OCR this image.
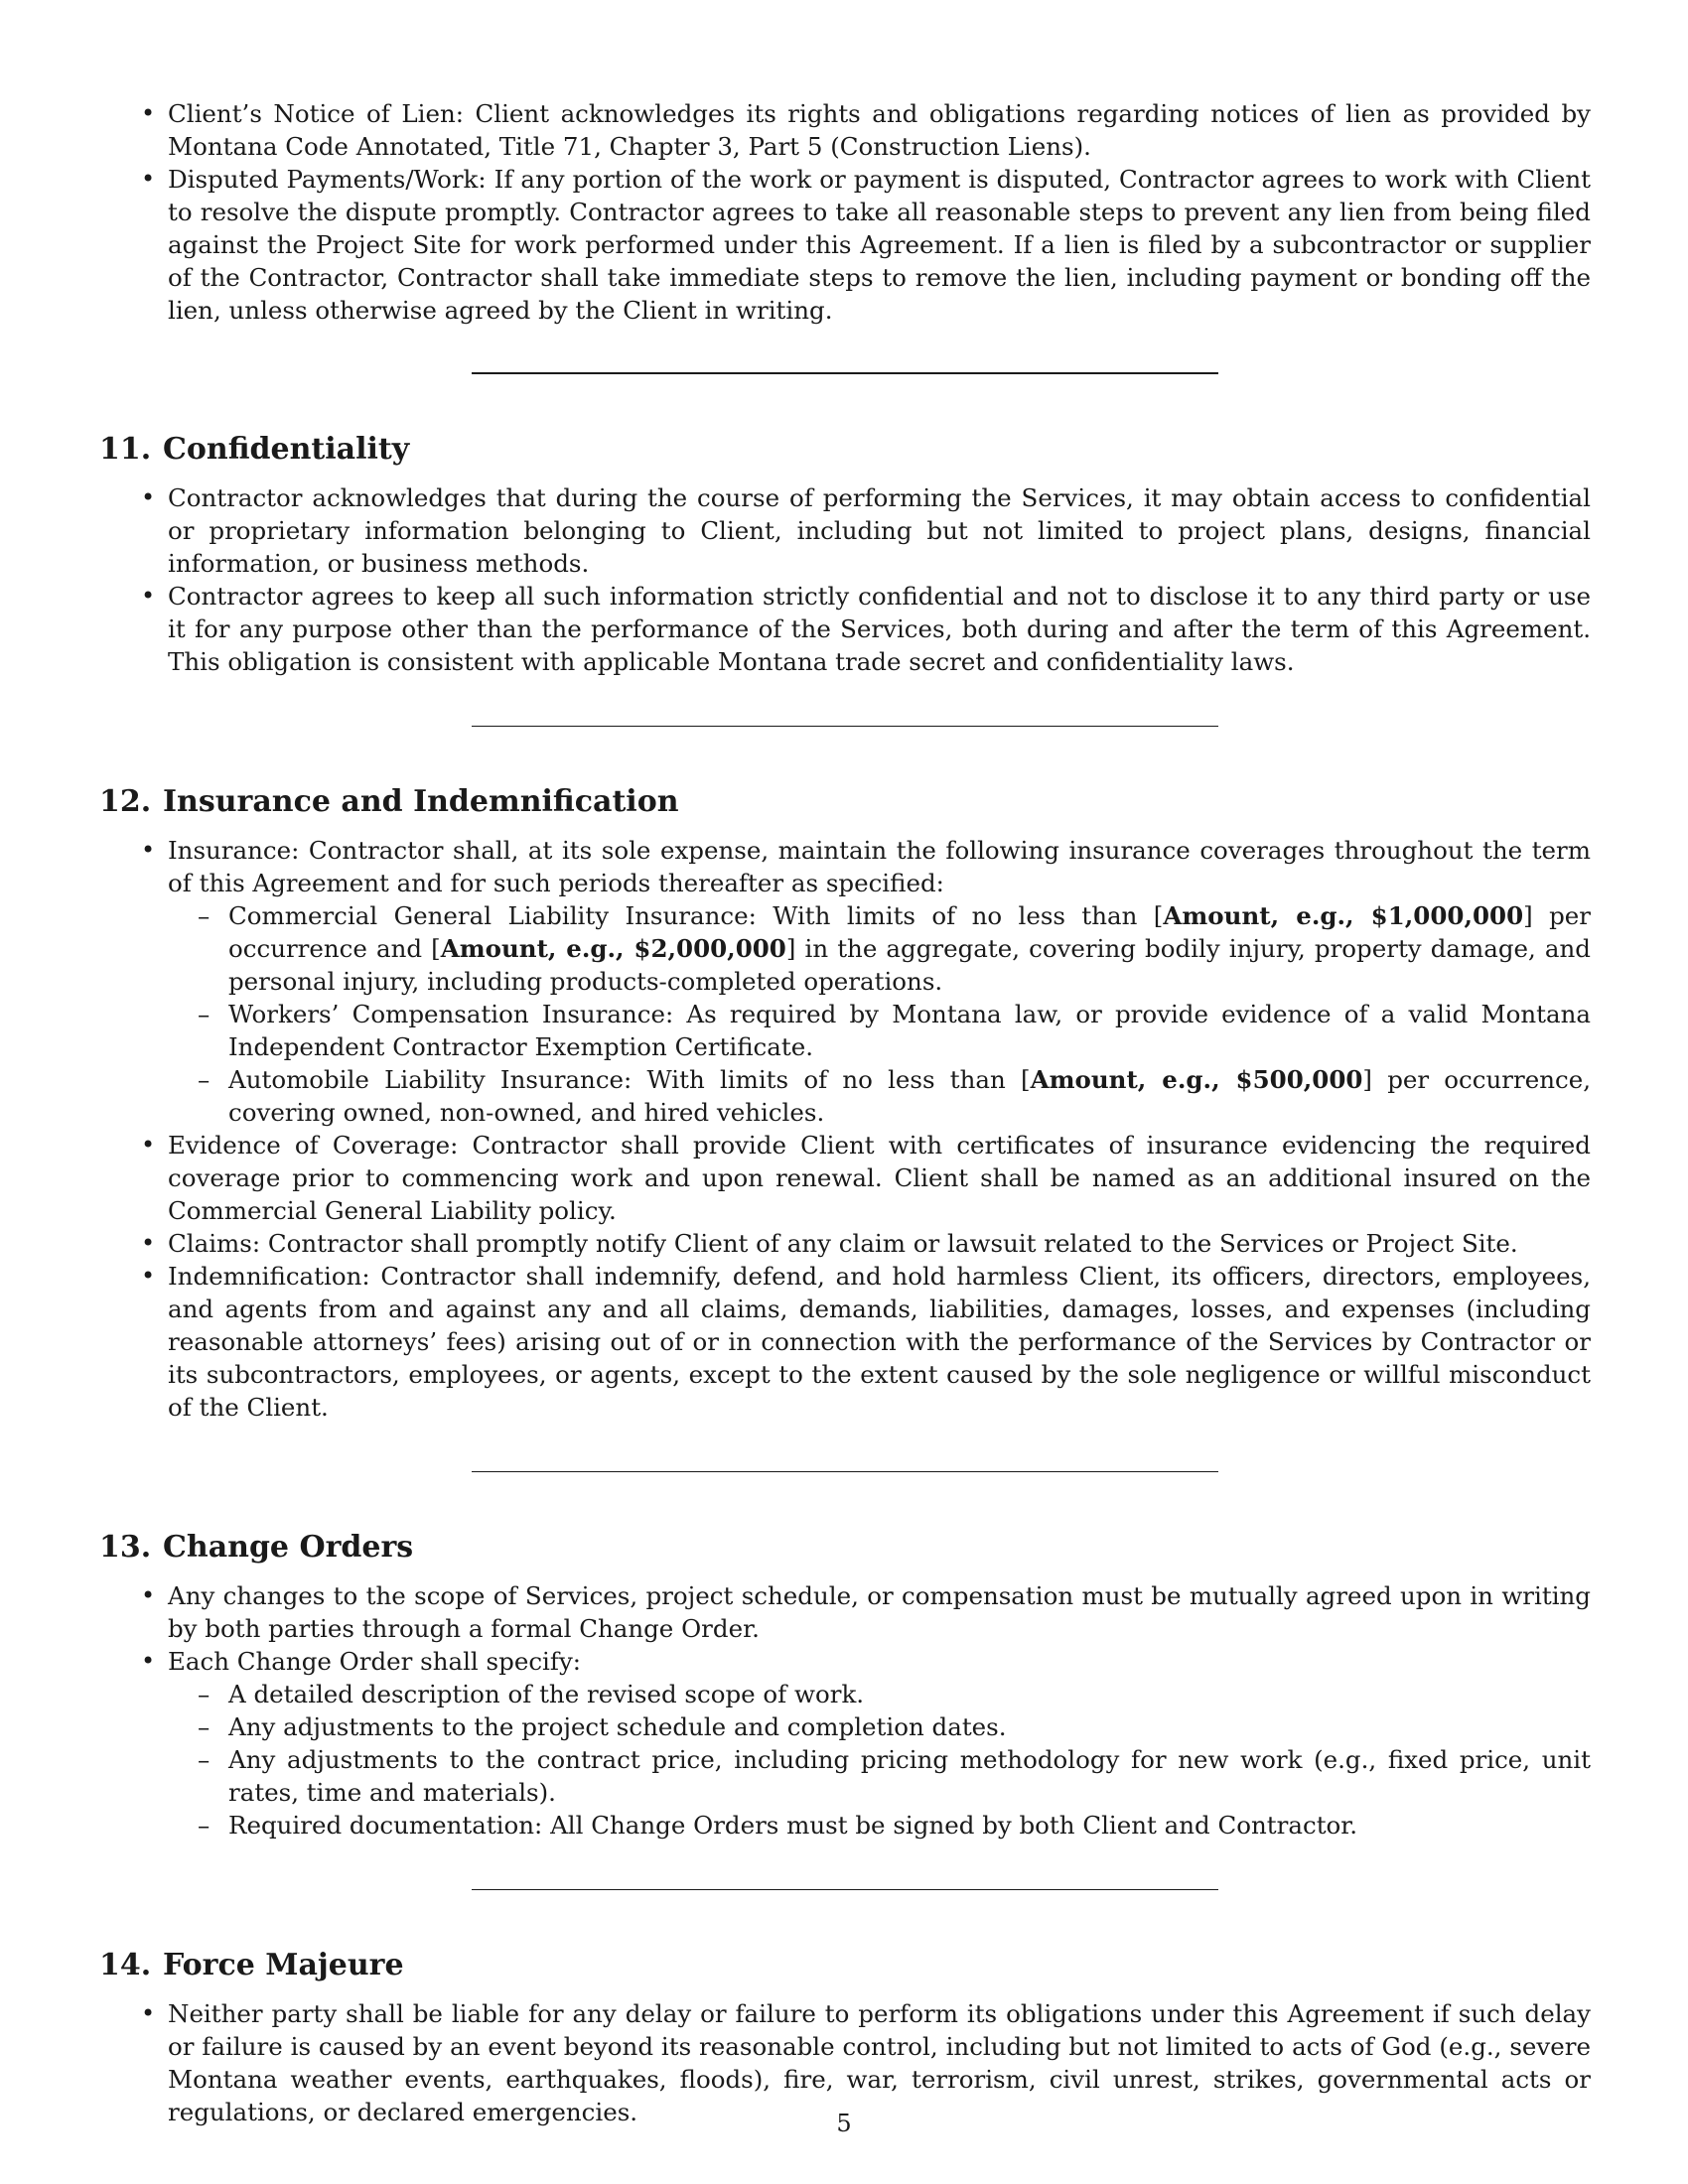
• Client’s Notice of Lien: Client acknowledges its rights and obligations regarding notices of lien as provided by Montana Code Annotated, Title 71, Chapter 3, Part 5 (Construction Liens).
• Disputed Payments/Work: If any portion of the work or payment is disputed, Contractor agrees to work with Client to resolve the dispute promptly. Contractor agrees to take all reasonable steps to prevent any lien from being filed against the Project Site for work performed under this Agreement. If a lien is filed by a subcontractor or supplier of the Contractor, Contractor shall take immediate steps to remove the lien, including payment or bonding off the lien, unless otherwise agreed by the Client in writing.
11. Confidentiality
• Contractor acknowledges that during the course of performing the Services, it may obtain access to confidential or proprietary information belonging to Client, including but not limited to project plans, designs, financial information, or business methods.
• Contractor agrees to keep all such information strictly confidential and not to disclose it to any third party or use it for any purpose other than the performance of the Services, both during and after the term of this Agreement. This obligation is consistent with applicable Montana trade secret and confidentiality laws.
12. Insurance and Indemnification
• Insurance: Contractor shall, at its sole expense, maintain the following insurance coverages throughout the term of this Agreement and for such periods thereafter as specified:
– Commercial General Liability Insurance: With limits of no less than [Amount, e.g., $1,000,000] per occurrence and [Amount, e.g., $2,000,000] in the aggregate, covering bodily injury, property damage, and personal injury, including products-completed operations.
– Workers’ Compensation Insurance: As required by Montana law, or provide evidence of a valid Montana Independent Contractor Exemption Certificate.
– Automobile Liability Insurance: With limits of no less than [Amount, e.g., $500,000] per occurrence, covering owned, non-owned, and hired vehicles.
• Evidence of Coverage: Contractor shall provide Client with certificates of insurance evidencing the required coverage prior to commencing work and upon renewal. Client shall be named as an additional insured on the Commercial General Liability policy.
• Claims: Contractor shall promptly notify Client of any claim or lawsuit related to the Services or Project Site.
• Indemnification: Contractor shall indemnify, defend, and hold harmless Client, its officers, directors, employees, and agents from and against any and all claims, demands, liabilities, damages, losses, and expenses (including reasonable attorneys’ fees) arising out of or in connection with the performance of the Services by Contractor or its subcontractors, employees, or agents, except to the extent caused by the sole negligence or willful misconduct of the Client.
13. Change Orders
• Any changes to the scope of Services, project schedule, or compensation must be mutually agreed upon in writing by both parties through a formal Change Order.
• Each Change Order shall specify:
– A detailed description of the revised scope of work.
– Any adjustments to the project schedule and completion dates.
– Any adjustments to the contract price, including pricing methodology for new work (e.g., fixed price, unit rates, time and materials).
– Required documentation: All Change Orders must be signed by both Client and Contractor.
14. Force Majeure
• Neither party shall be liable for any delay or failure to perform its obligations under this Agreement if such delay or failure is caused by an event beyond its reasonable control, including but not limited to acts of God (e.g., severe Montana weather events, earthquakes, floods), fire, war, terrorism, civil unrest, strikes, governmental acts or regulations, or declared emergencies.	5
